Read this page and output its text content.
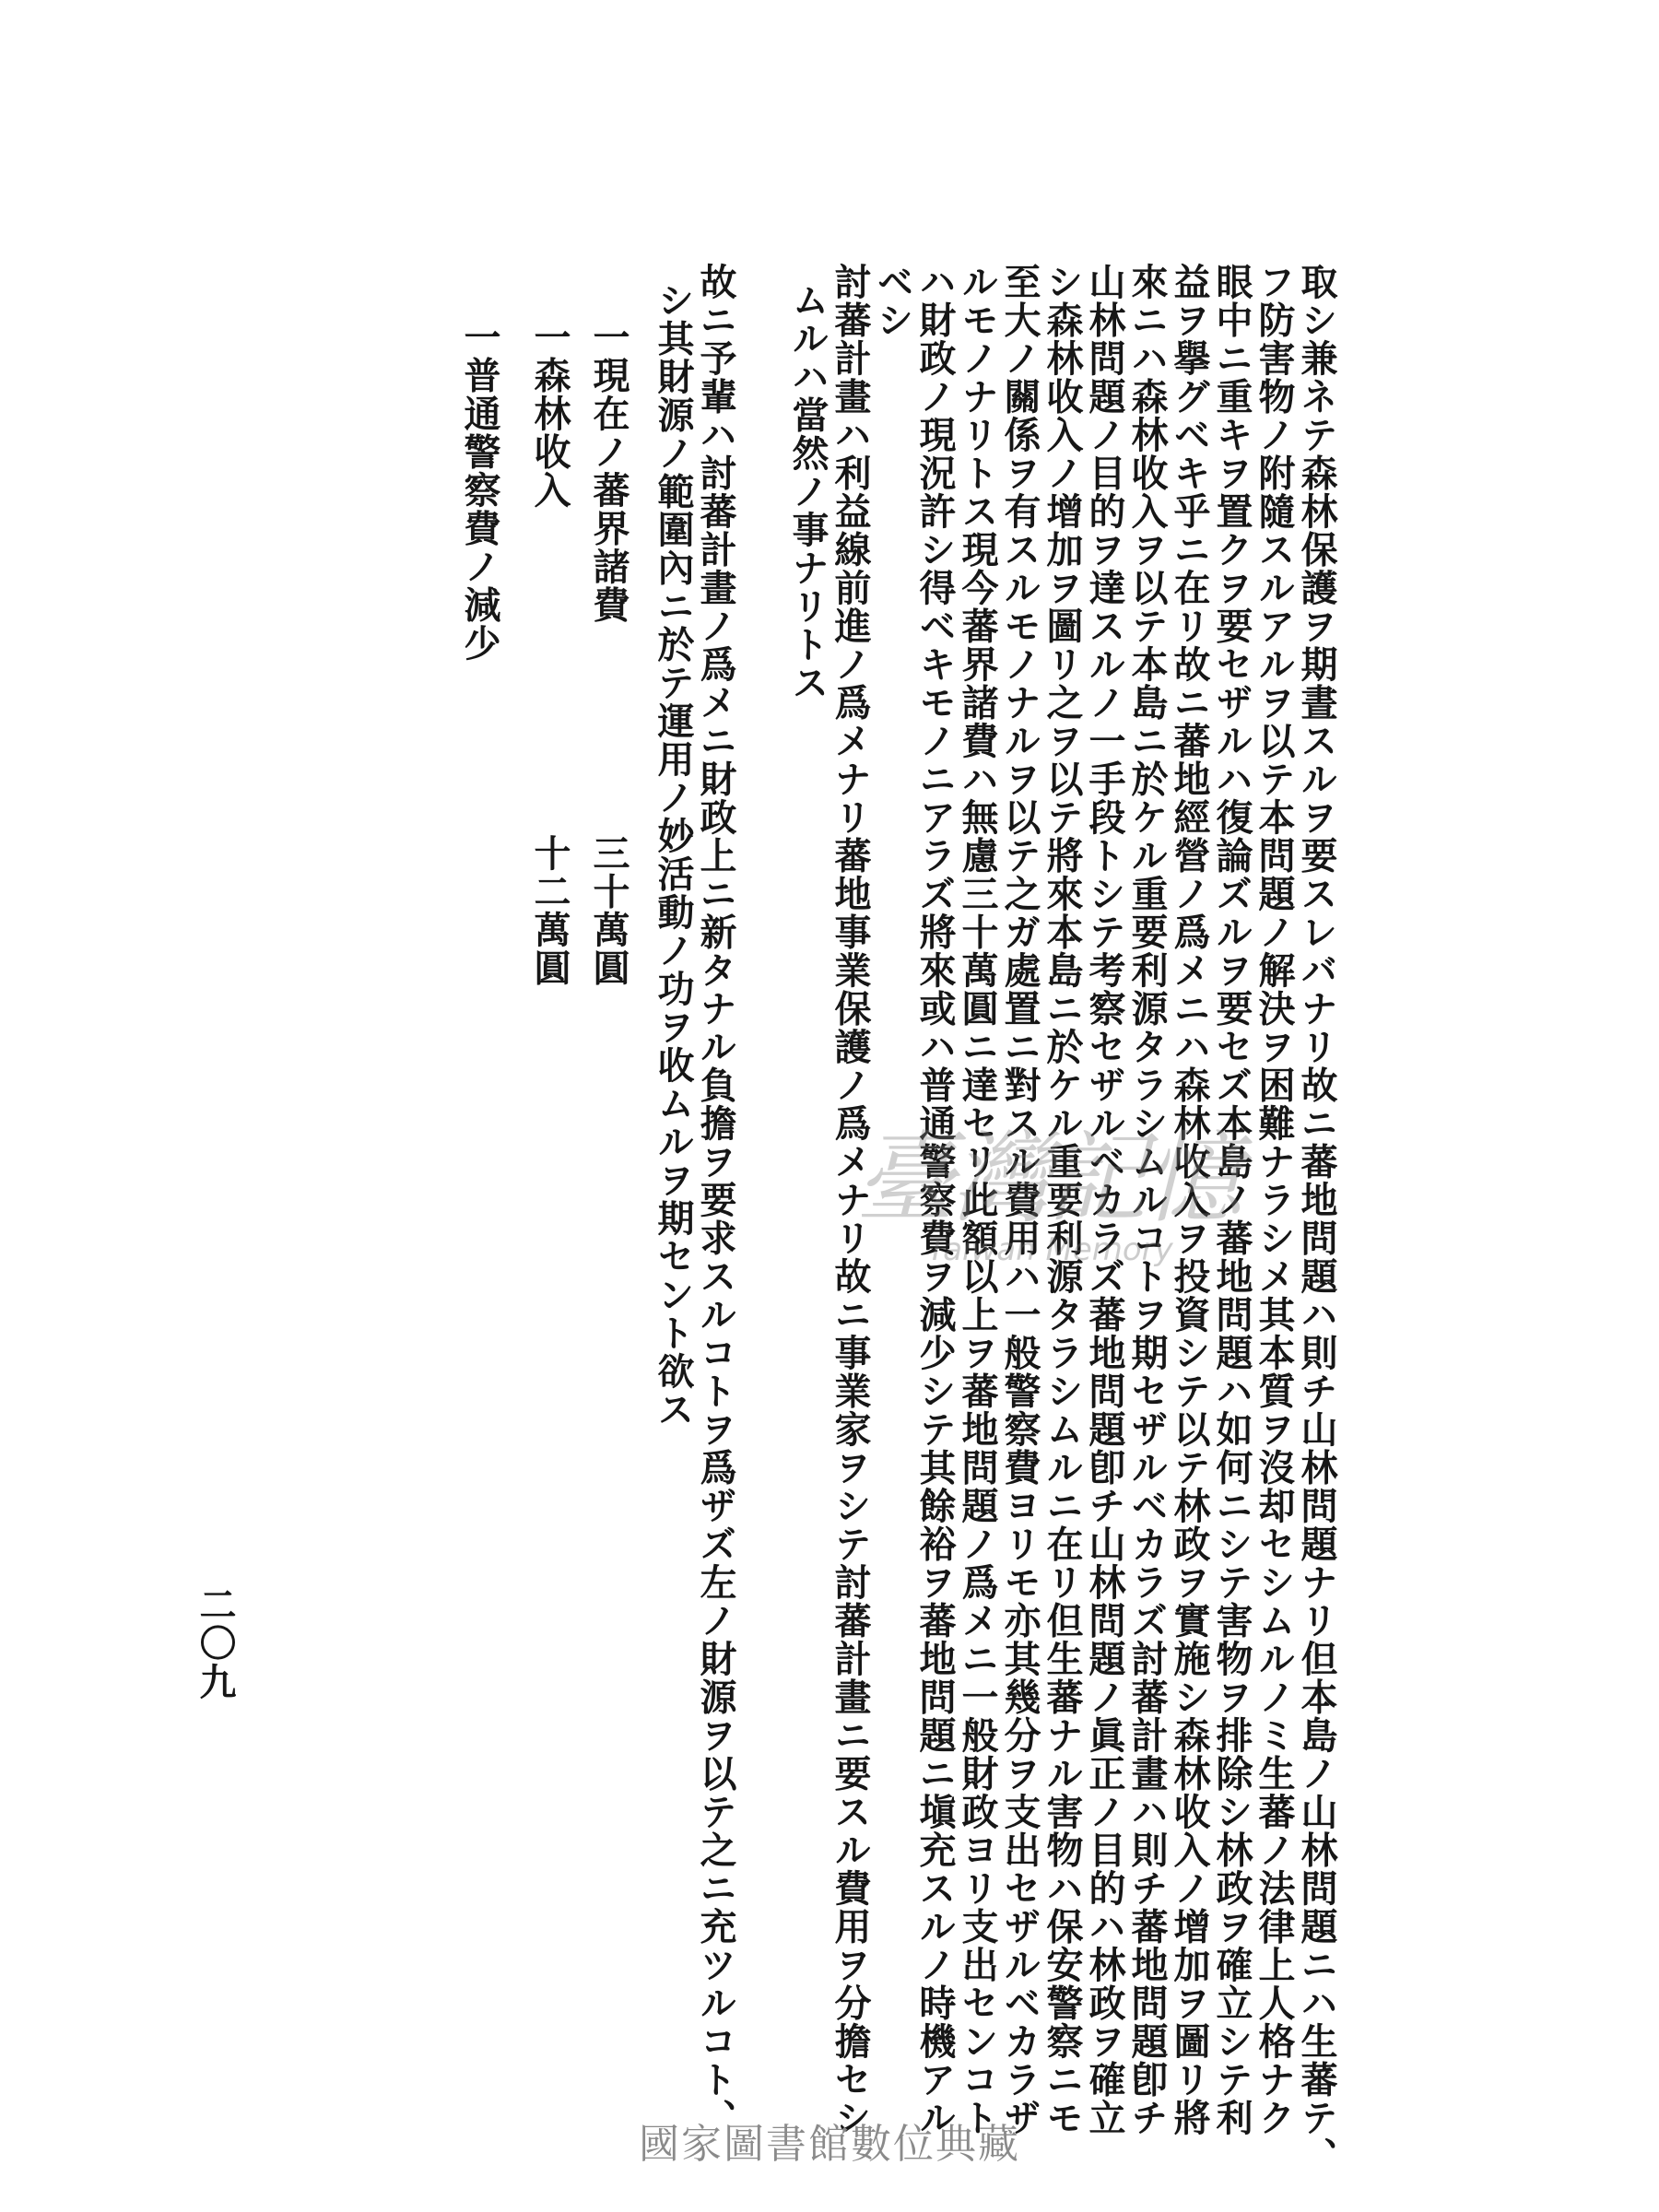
取シ兼ネテ森林保護ヲ期晝スルヲ要スレバナリ故ニ蕃地問題ハ則チ山林問題ナリ但本島ノ山林問題ニハ生蕃テ、
フ防害物ノ附隨スルアルヲ以テ本問題ノ解決ヲ困難ナラシメ其本質ヲ沒却セシムルノミ生蕃ノ法律上人格ナク
眼中ニ重キヲ置クヲ要セザルハ復論ズルヲ要セズ本島ノ蕃地問題ハ如何ニシテ害物ヲ排除シ林政ヲ確立シテ利
益ヲ擧グベキ乎ニ在リ故ニ蕃地經營ノ爲メニハ森林收入ヲ投資シテ以テ林政ヲ實施シ森林收入ノ增加ヲ圖リ將
來ニハ森林收入ヲ以テ本島ニ於ケル重要利源タラシムルコトヲ期セザルベカラズ討蕃計畫ハ則チ蕃地問題卽チ
山林問題ノ目的ヲ達スルノ一手段トシテ考察セザルベカラズ蕃地問題卽チ山林問題ノ眞正ノ目的ハ林政ヲ確立
シ森林收入ノ增加ヲ圖リ之ヲ以テ將來本島ニ於ケル重要利源タラシムルニ在リ但生蕃ナル害物ハ保安警察ニモ
至大ノ關係ヲ有スルモノナルヲ以テ之ガ處置ニ對スル費用ハ一般警察費ヨリモ亦其幾分ヲ支出セザルベカラザ
ルモノナリトス現今蕃界諸費ハ無慮三十萬圓ニ達セリ此額以上ヲ蕃地問題ノ爲メニ一般財政ヨリ支出センコト
ハ財政ノ現況許シ得ベキモノニアラズ將來或ハ普通警察費ヲ減少シテ其餘裕ヲ蕃地問題ニ塡充スルノ時機アル
ベシ
討蕃計畫ハ利益線前進ノ爲メナリ蕃地事業保護ノ爲メナリ故ニ事業家ヲシテ討蕃計畫ニ要スル費用ヲ分擔セシ
ムルハ當然ノ事ナリトス
故ニ予輩ハ討蕃計畫ノ爲メニ財政上ニ新タナル負擔ヲ要求スルコトヲ爲ザズ左ノ財源ヲ以テ之ニ充ツルコト、
シ其財源ノ範圍內ニ於テ運用ノ妙活動ノ功ヲ收ムルヲ期セント欲ス
一現在ノ蕃界諸費
三十萬圓
一森林收入
十二萬圓
一普通警察費ノ減少
二〇九
臺灣記憶
Taiwan Memory
國家圖書館數位典藏
